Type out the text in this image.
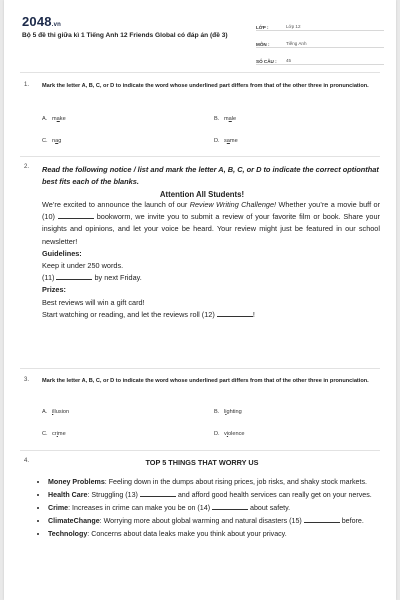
2048.vn
Bộ 5 đề thi giữa kì 1 Tiếng Anh 12 Friends Global có đáp án (đề 3)
LỚP :	Lớp 12
MÔN :	Tiếng Anh
SỐ CÂU :	45
1. Mark the letter A, B, C, or D to indicate the word whose underlined part differs from that of the other three in pronunciation.
A. make	B. male
C. nag	D. same
2. Read the following notice / list and mark the letter A, B, C, or D to indicate the correct optionthat best fits each of the blanks.
Attention All Students!
We’re excited to announce the launch of our Review Writing Challenge! Whether you’re a movie buff or (10)	bookworm, we invite you to submit a review of your favorite film or book. Share your insights and opinions, and let your voice be heard. Your review might just be featured in our school newsletter!
Guidelines:
Keep it under 250 words.
(11)	by next Friday.
Prizes:
Best reviews will win a gift card!
Start watching or reading, and let the reviews roll (12)	!
3. Mark the letter A, B, C, or D to indicate the word whose underlined part differs from that of the other three in pronunciation.
A. illusion	B. lighting
C. crime	D. violence
4.	TOP 5 THINGS THAT WORRY US
• Money Problems: Feeling down in the dumps about rising prices, job risks, and shaky stock markets.
• Health Care: Struggling (13)	and afford good health services can really get on your nerves.
• Crime: Increases in crime can make you be on (14)	about safety.
• ClimateChange: Worrying more about global warming and natural disasters (15)	before.
• Technology: Concerns about data leaks make you think about your privacy.
